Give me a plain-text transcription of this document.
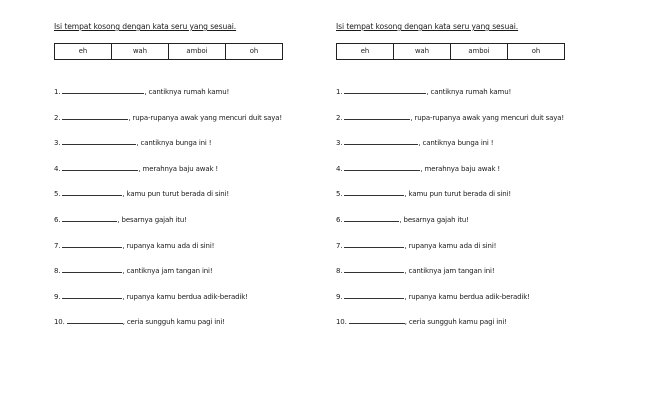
Isi tempat kosong dengan kata seru yang sesuai.
eh	wah	amboi	oh
1.	, cantiknya rumah kamu!
2.	, rupa-rupanya awak yang mencuri duit saya!
3.	, cantiknya bunga ini !
4.	, merahnya baju awak !
5.	, kamu pun turut berada di sini!
6.	, besarnya gajah itu!
7.	, rupanya kamu ada di sini!
8.	, cantiknya jam tangan ini!
9.	, rupanya kamu berdua adik-beradik!
10.	, ceria sungguh kamu pagi ini!
Isi tempat kosong dengan kata seru yang sesuai.
eh	wah	amboi	oh
1.	, cantiknya rumah kamu!
2.	, rupa-rupanya awak yang mencuri duit saya!
3.	, cantiknya bunga ini !
4.	, merahnya baju awak !
5.	, kamu pun turut berada di sini!
6.	, besarnya gajah itu!
7.	, rupanya kamu ada di sini!
8.	, cantiknya jam tangan ini!
9.	, rupanya kamu berdua adik-beradik!
10.	, ceria sungguh kamu pagi ini!
